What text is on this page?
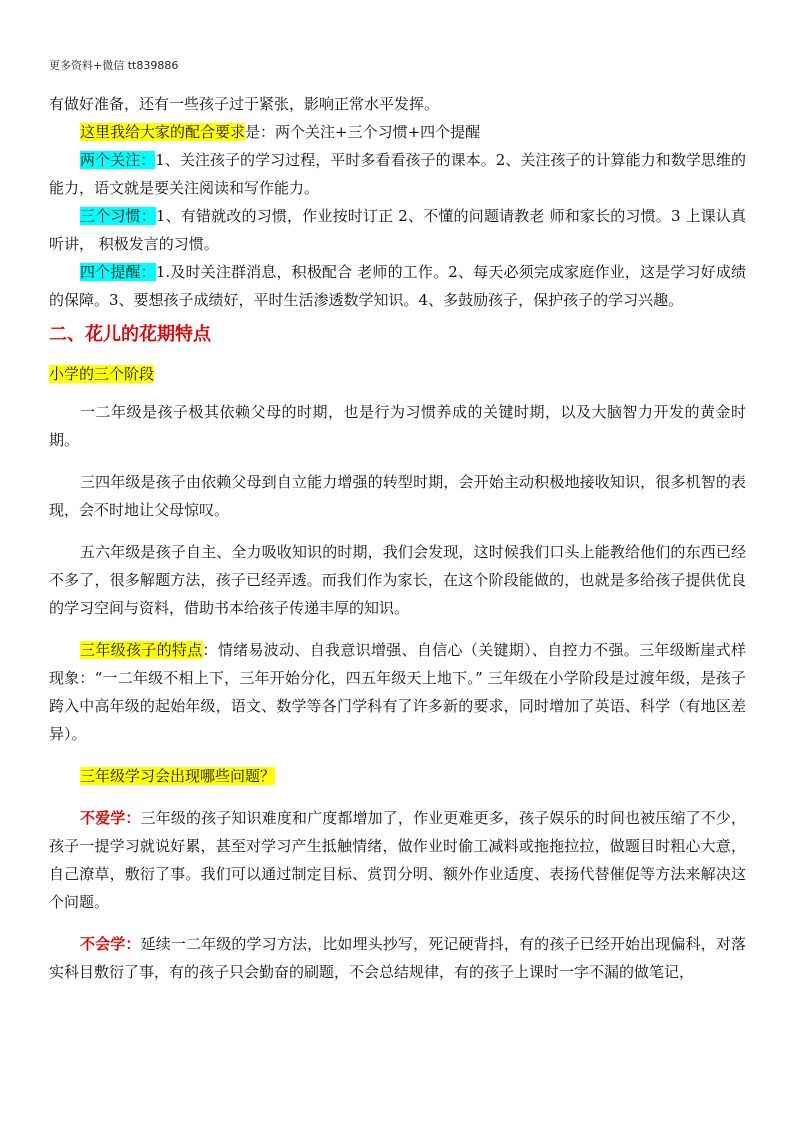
更多资料+微信 tt839886

有做好准备，还有一些孩子过于紧张，影响正常水平发挥。

这里我给大家的配合要求是：两个关注+三个习惯+四个提醒

两个关注：1、关注孩子的学习过程，平时多看看孩子的课本。2、关注孩子的计算能力和数学思维的能力，语文就是要关注阅读和写作能力。

三个习惯：1、有错就改的习惯，作业按时订正 2、不懂的问题请教老 师和家长的习惯。3 上课认真听讲， 积极发言的习惯。

四个提醒：1.及时关注群消息，积极配合 老师的工作。2、每天必须完成家庭作业，这是学习好成绩的保障。3、要想孩子成绩好，平时生活渗透数学知识。4、多鼓励孩子，保护孩子的学习兴趣。

二、花儿的花期特点

小学的三个阶段

一二年级是孩子极其依赖父母的时期，也是行为习惯养成的关键时期，以及大脑智力开发的黄金时期。

三四年级是孩子由依赖父母到自立能力增强的转型时期，会开始主动积极地接收知识，很多机智的表现，会不时地让父母惊叹。

五六年级是孩子自主、全力吸收知识的时期，我们会发现，这时候我们口头上能教给他们的东西已经不多了，很多解题方法，孩子已经弄透。而我们作为家长，在这个阶段能做的，也就是多给孩子提供优良的学习空间与资料，借助书本给孩子传递丰厚的知识。

三年级孩子的特点：情绪易波动、自我意识增强、自信心（关键期）、自控力不强。三年级断崖式样现象：“一二年级不相上下，三年开始分化，四五年级天上地下。” 三年级在小学阶段是过渡年级，是孩子跨入中高年级的起始年级，语文、数学等各门学科有了许多新的要求，同时增加了英语、科学（有地区差异）。

三年级学习会出现哪些问题？

不爱学：三年级的孩子知识难度和广度都增加了，作业更难更多，孩子娱乐的时间也被压缩了不少，孩子一提学习就说好累，甚至对学习产生抵触情绪，做作业时偷工减料或拖拖拉拉，做题目时粗心大意，自己潦草，敷衍了事。我们可以通过制定目标、赏罚分明、额外作业适度、表扬代替催促等方法来解决这个问题。

不会学：延续一二年级的学习方法，比如埋头抄写，死记硬背抖，有的孩子已经开始出现偏科，对落实科目敷衍了事，有的孩子只会勤奋的刷题，不会总结规律，有的孩子上课时一字不漏的做笔记，
